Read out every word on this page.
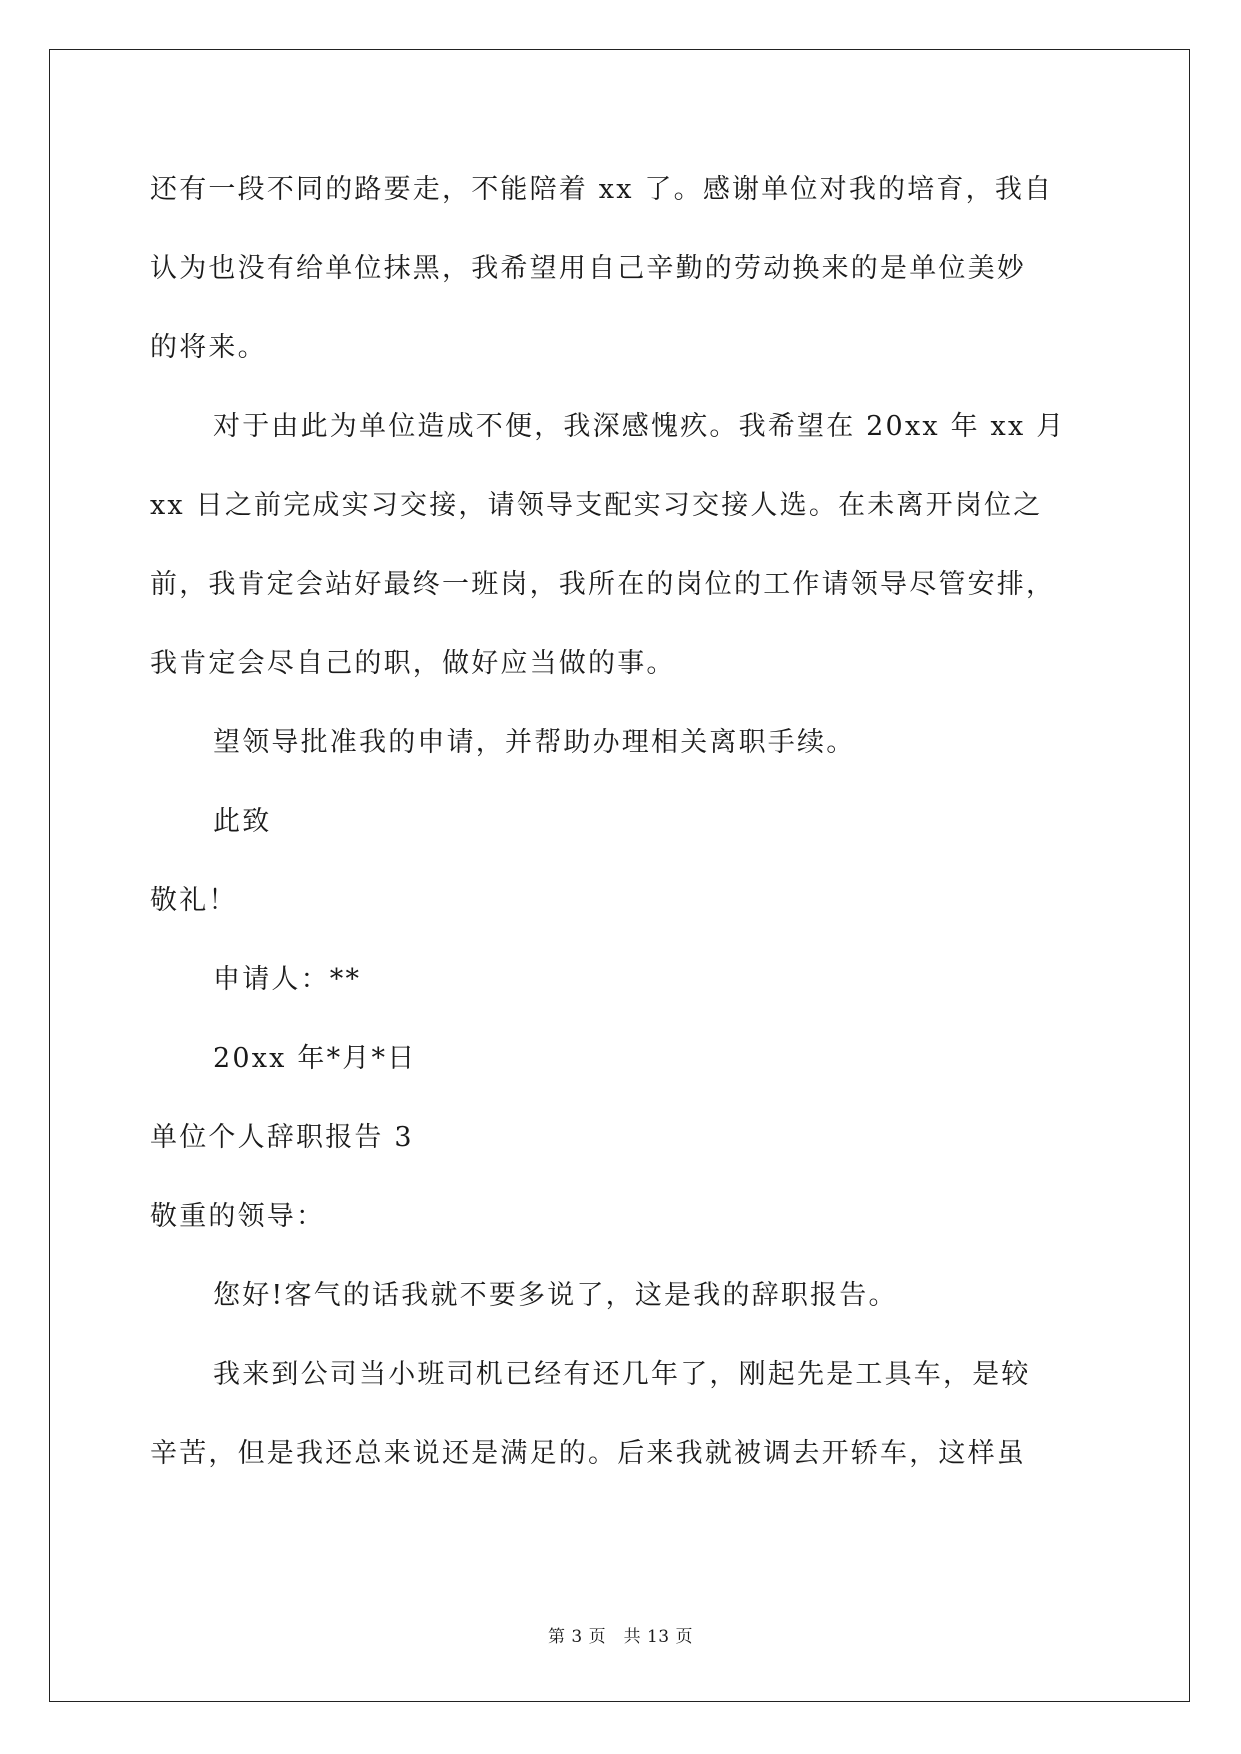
还有一段不同的路要走，不能陪着 xx 了。感谢单位对我的培育，我自
认为也没有给单位抹黑，我希望用自己辛勤的劳动换来的是单位美妙
的将来。
对于由此为单位造成不便，我深感愧疚。我希望在 20xx 年 xx 月
xx 日之前完成实习交接，请领导支配实习交接人选。在未离开岗位之
前，我肯定会站好最终一班岗，我所在的岗位的工作请领导尽管安排，
我肯定会尽自己的职，做好应当做的事。
望领导批准我的申请，并帮助办理相关离职手续。
此致
敬礼！
申请人：**
20xx 年*月*日
单位个人辞职报告 3
敬重的领导：
您好!客气的话我就不要多说了，这是我的辞职报告。
我来到公司当小班司机已经有还几年了，刚起先是工具车，是较
辛苦，但是我还总来说还是满足的。后来我就被调去开轿车，这样虽
第 3 页　共 13 页
